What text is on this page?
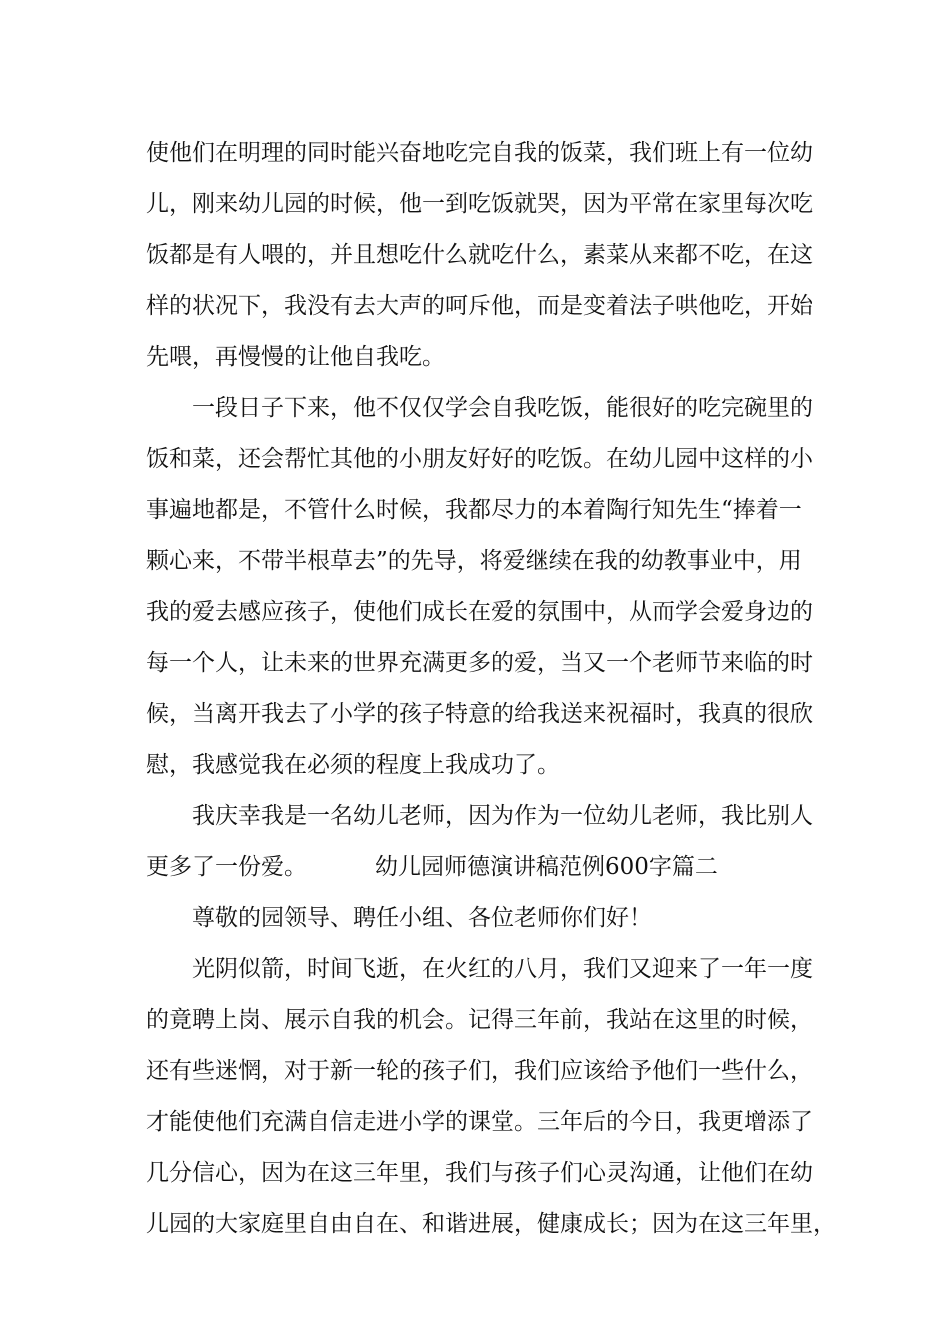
使他们在明理的同时能兴奋地吃完自我的饭菜，我们班上有一位幼
儿，刚来幼儿园的时候，他一到吃饭就哭，因为平常在家里每次吃
饭都是有人喂的，并且想吃什么就吃什么，素菜从来都不吃，在这
样的状况下，我没有去大声的呵斥他，而是变着法子哄他吃，开始
先喂，再慢慢的让他自我吃。
一段日子下来，他不仅仅学会自我吃饭，能很好的吃完碗里的
饭和菜，还会帮忙其他的小朋友好好的吃饭。在幼儿园中这样的小
事遍地都是，不管什么时候，我都尽力的本着陶行知先生“捧着一
颗心来，不带半根草去”的先导，将爱继续在我的幼教事业中，用
我的爱去感应孩子，使他们成长在爱的氛围中，从而学会爱身边的
每一个人，让未来的世界充满更多的爱，当又一个老师节来临的时
候，当离开我去了小学的孩子特意的给我送来祝福时，我真的很欣
慰，我感觉我在必须的程度上我成功了。
我庆幸我是一名幼儿老师，因为作为一位幼儿老师，我比别人
更多了一份爱。	幼儿园师德演讲稿范例600字篇二
尊敬的园领导、聘任小组、各位老师你们好！
光阴似箭，时间飞逝，在火红的八月，我们又迎来了一年一度
的竟聘上岗、展示自我的机会。记得三年前，我站在这里的时候，
还有些迷惘，对于新一轮的孩子们，我们应该给予他们一些什么，
才能使他们充满自信走进小学的课堂。三年后的今日，我更增添了
几分信心，因为在这三年里，我们与孩子们心灵沟通，让他们在幼
儿园的大家庭里自由自在、和谐进展，健康成长；因为在这三年里，
